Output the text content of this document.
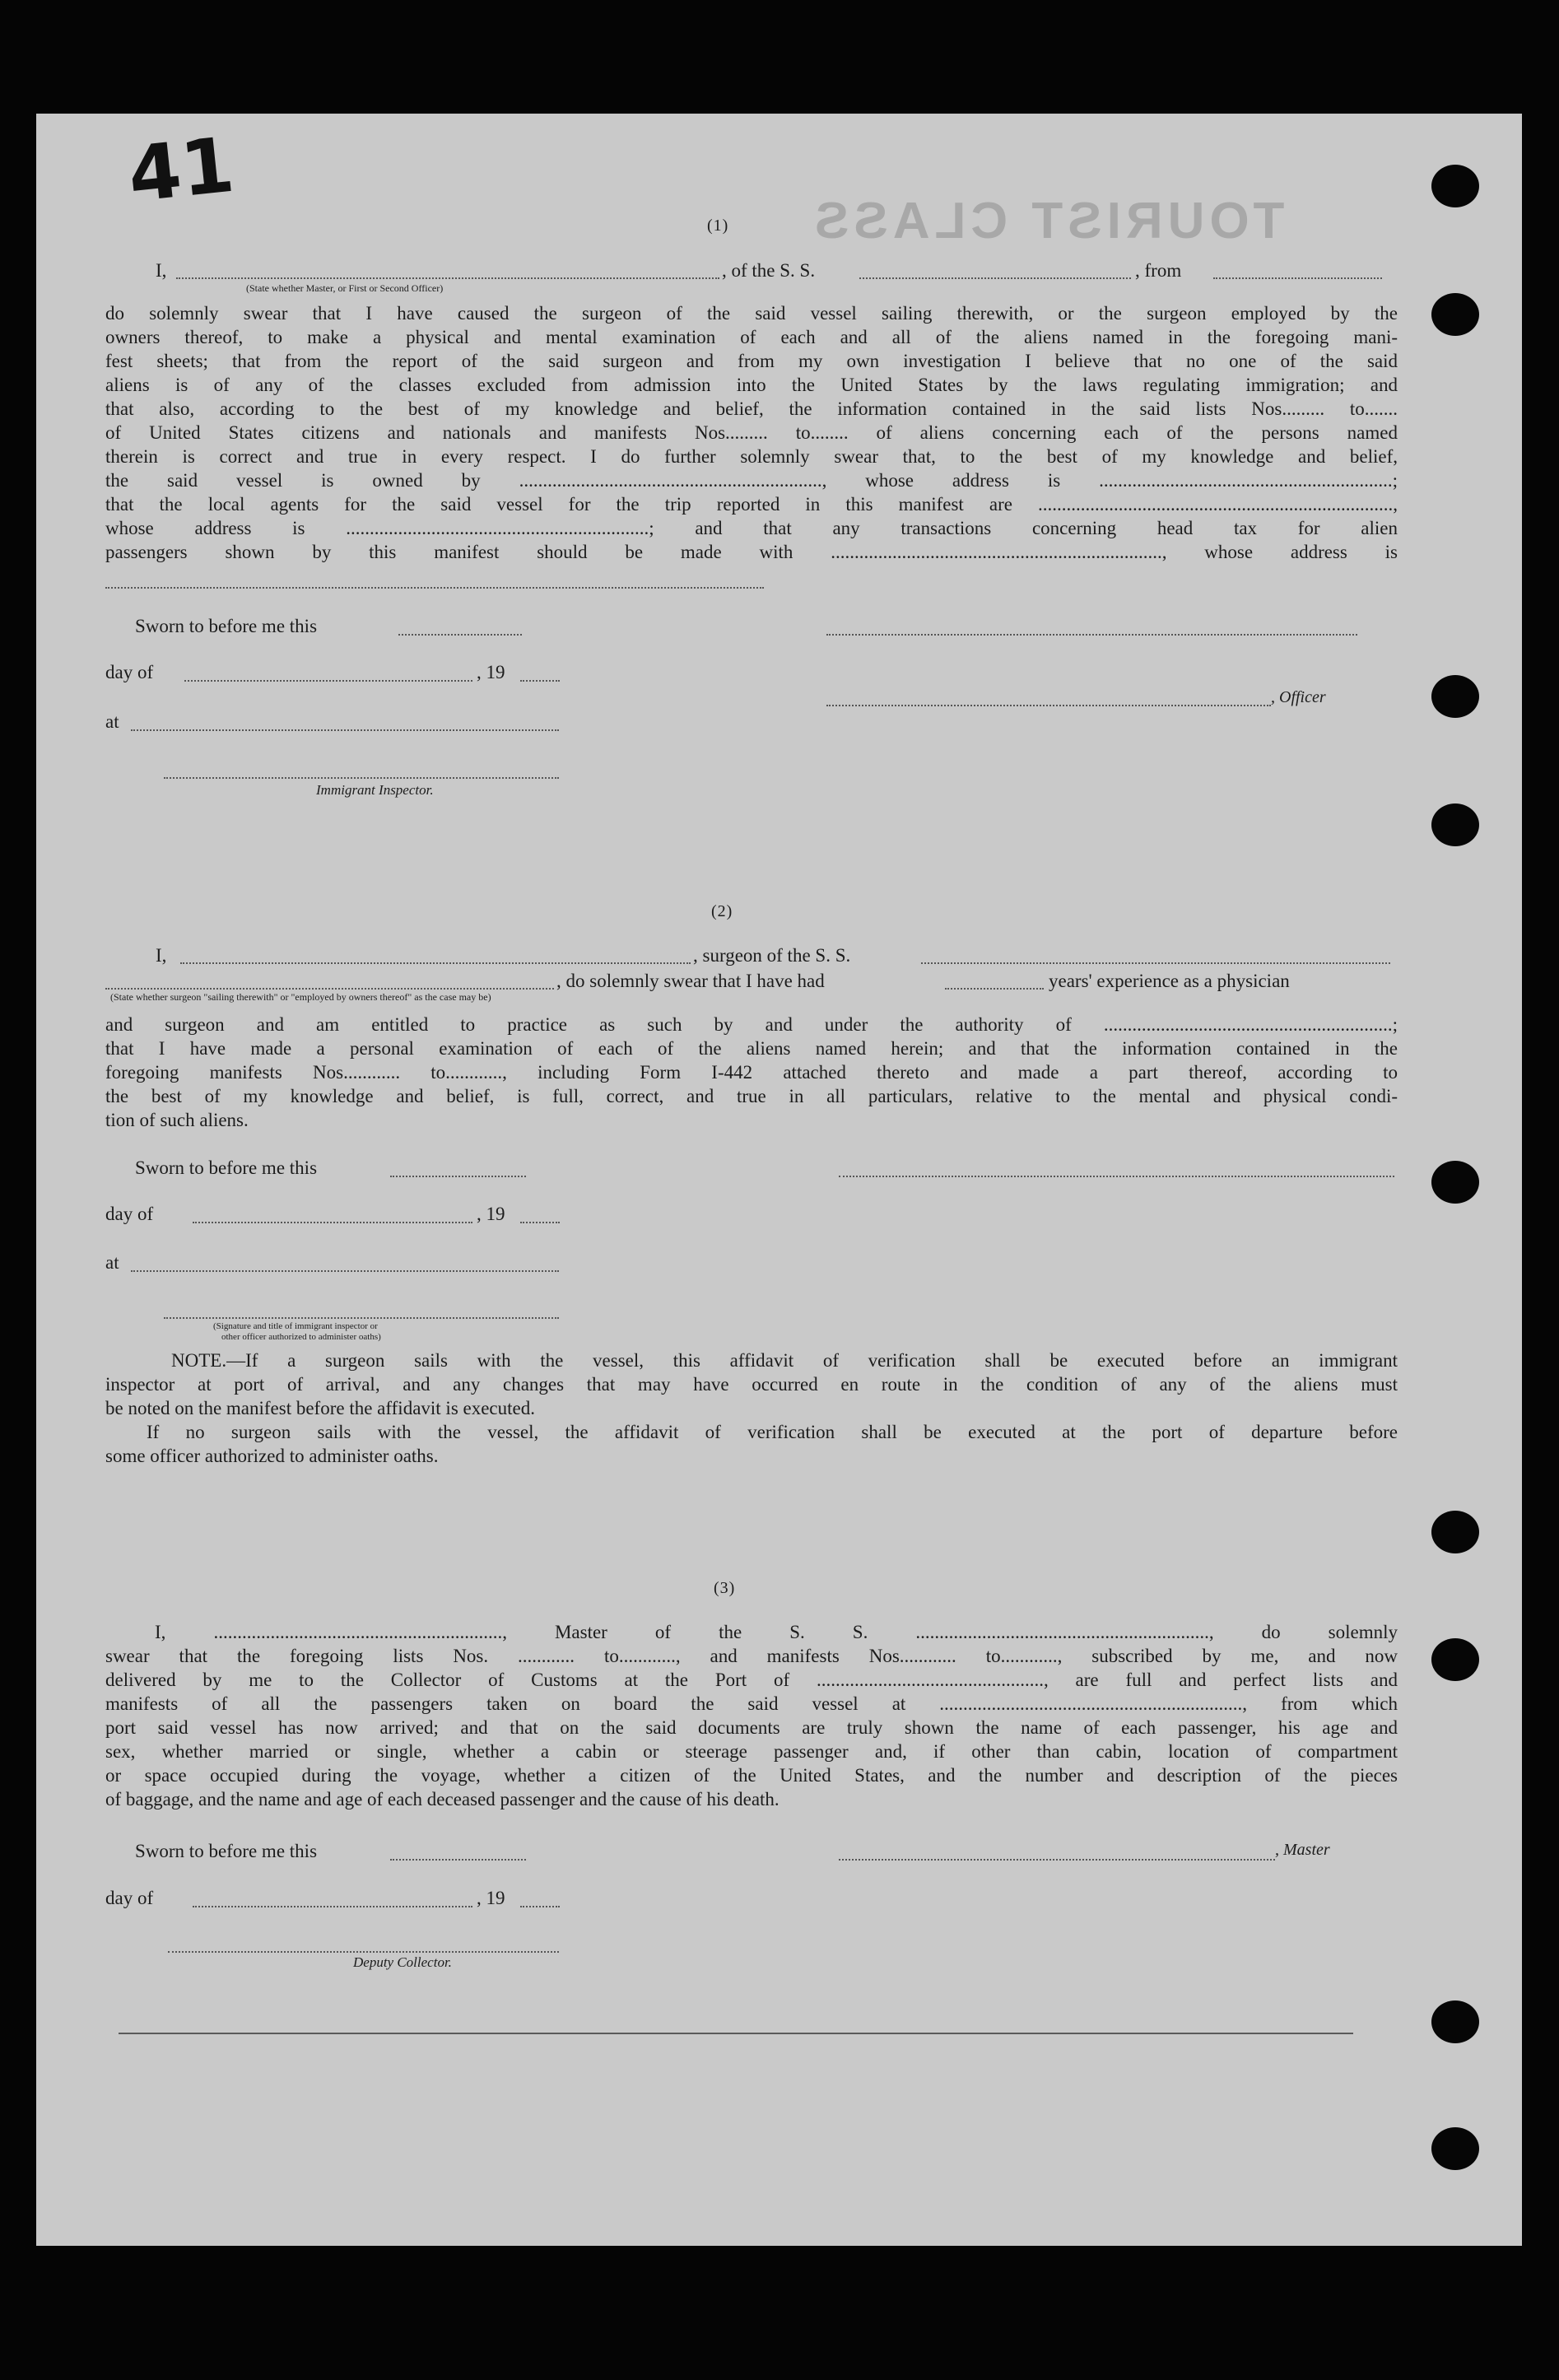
TOURIST CLASS
41
(1)
I,	, of the S. S.	, from
(State whether Master, or First or Second Officer)
do solemnly swear that I have caused the surgeon of the said vessel sailing therewith, or the surgeon employed by the
owners thereof, to make a physical and mental examination of each and all of the aliens named in the foregoing mani-
fest sheets; that from the report of the said surgeon and from my own investigation I believe that no one of the said
aliens is of any of the classes excluded from admission into the United States by the laws regulating immigration; and
that also, according to the best of my knowledge and belief, the information contained in the said lists Nos......... to.......
of United States citizens and nationals and manifests Nos......... to........ of aliens concerning each of the persons named
therein is correct and true in every respect. I do further solemnly swear that, to the best of my knowledge and belief,
the said vessel is owned by ................................................................, whose address is ..............................................................;
that the local agents for the said vessel for the trip reported in this manifest are ...........................................................................,
whose address is ................................................................; and that any transactions concerning head tax for alien
passengers shown by this manifest should be made with ......................................................................, whose address is
Sworn to before me this
day of	, 19
, Officer
at
Immigrant Inspector.
(2)
I,	, surgeon of the S. S.
, do solemnly swear that I have had	years' experience as a physician
(State whether surgeon "sailing therewith" or "employed by owners thereof" as the case may be)
and surgeon and am entitled to practice as such by and under the authority of .............................................................;
that I have made a personal examination of each of the aliens named herein; and that the information contained in the
foregoing manifests Nos............ to............, including Form I-442 attached thereto and made a part thereof, according to
the best of my knowledge and belief, is full, correct, and true in all particulars, relative to the mental and physical condi-
tion of such aliens.
Sworn to before me this
day of	, 19
at
(Signature and title of immigrant inspector or
other officer authorized to administer oaths)
NOTE.—If a surgeon sails with the vessel, this affidavit of verification shall be executed before an immigrant
inspector at port of arrival, and any changes that may have occurred en route in the condition of any of the aliens must
be noted on the manifest before the affidavit is executed.
If no surgeon sails with the vessel, the affidavit of verification shall be executed at the port of departure before
some officer authorized to administer oaths.
(3)
I, ............................................................., Master of the S. S. .............................................................., do solemnly
swear that the foregoing lists Nos. ............ to............, and manifests Nos............ to............, subscribed by me, and now
delivered by me to the Collector of Customs at the Port of ................................................, are full and perfect lists and
manifests of all the passengers taken on board the said vessel at ................................................................, from which
port said vessel has now arrived; and that on the said documents are truly shown the name of each passenger, his age and
sex, whether married or single, whether a cabin or steerage passenger and, if other than cabin, location of compartment
or space occupied during the voyage, whether a citizen of the United States, and the number and description of the pieces
of baggage, and the name and age of each deceased passenger and the cause of his death.
Sworn to before me this	, Master
day of	, 19
Deputy Collector.
